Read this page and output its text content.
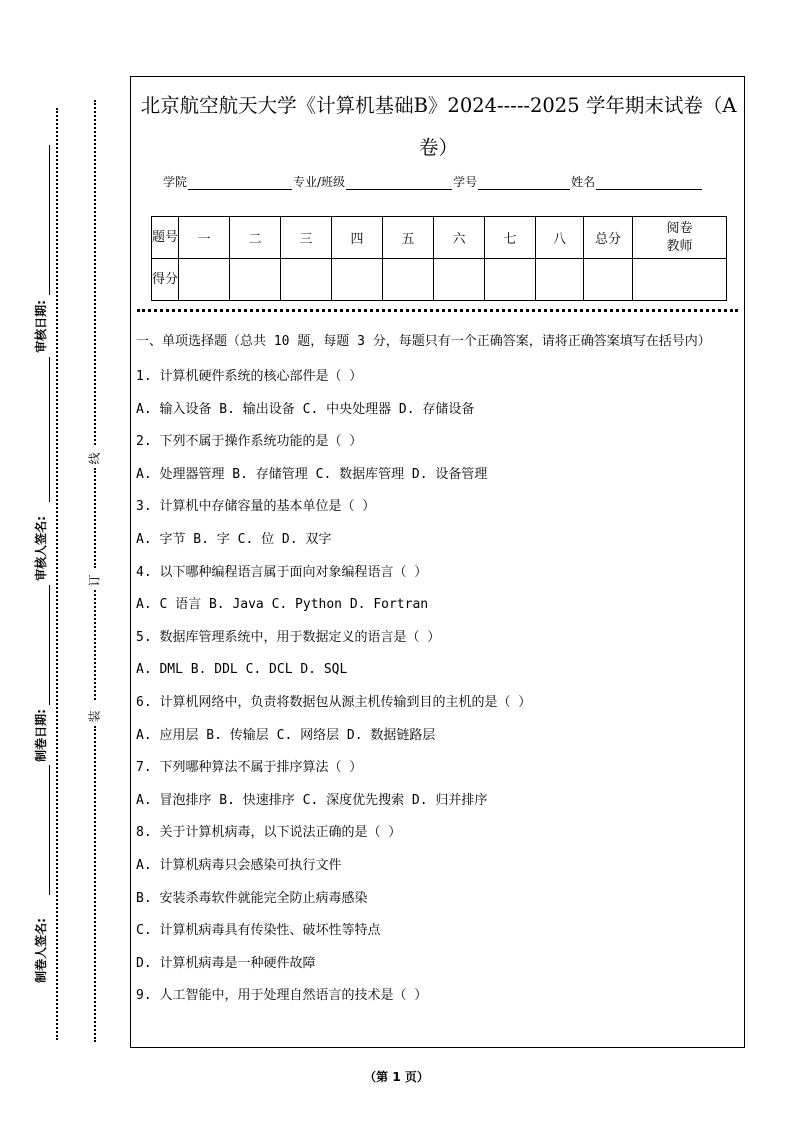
审核日期:
审核人签名:
制卷日期:
制卷人签名:
线
订
装
北京航空航天大学《计算机基础B》2024-----2025 学年期末试卷（A卷）
学院	专业/班级	学号	姓名
题号	一	二	三	四	五	六	七	八	总分	阅卷教师
得分										
一、单项选择题（总共 10 题，每题 3 分，每题只有一个正确答案，请将正确答案填写在括号内）
1. 计算机硬件系统的核心部件是（ ）
A. 输入设备 B. 输出设备 C. 中央处理器 D. 存储设备
2. 下列不属于操作系统功能的是（ ）
A. 处理器管理 B. 存储管理 C. 数据库管理 D. 设备管理
3. 计算机中存储容量的基本单位是（ ）
A. 字节 B. 字 C. 位 D. 双字
4. 以下哪种编程语言属于面向对象编程语言（ ）
A. C 语言 B. Java C. Python D. Fortran
5. 数据库管理系统中，用于数据定义的语言是（ ）
A. DML B. DDL C. DCL D. SQL
6. 计算机网络中，负责将数据包从源主机传输到目的主机的是（ ）
A. 应用层 B. 传输层 C. 网络层 D. 数据链路层
7. 下列哪种算法不属于排序算法（ ）
A. 冒泡排序 B. 快速排序 C. 深度优先搜索 D. 归并排序
8. 关于计算机病毒，以下说法正确的是（ ）
A. 计算机病毒只会感染可执行文件
B. 安装杀毒软件就能完全防止病毒感染
C. 计算机病毒具有传染性、破坏性等特点
D. 计算机病毒是一种硬件故障
9. 人工智能中，用于处理自然语言的技术是（ ）
（第 1 页）
